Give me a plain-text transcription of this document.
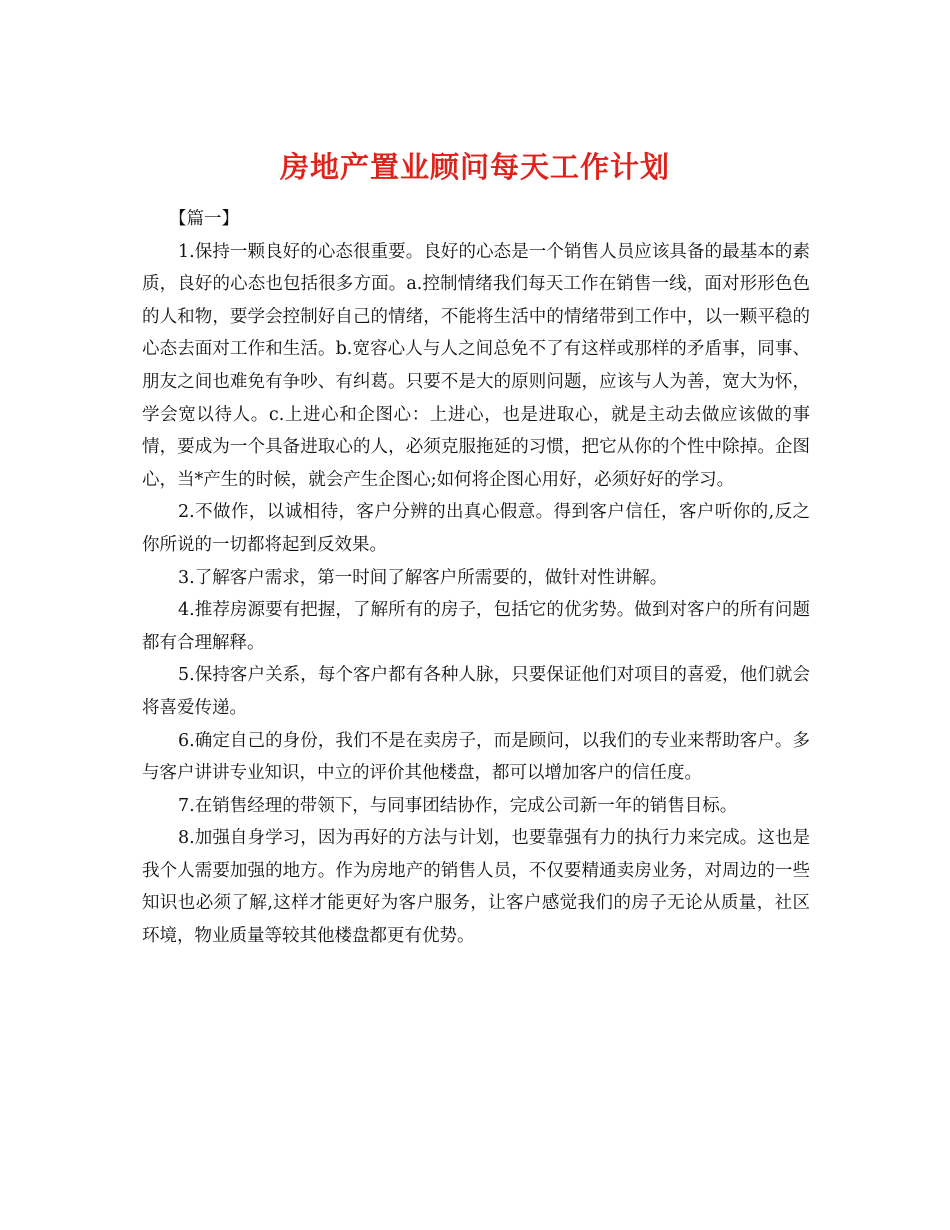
房地产置业顾问每天工作计划

【篇一】

1.保持一颗良好的心态很重要。良好的心态是一个销售人员应该具备的最基本的素质，良好的心态也包括很多方面。a.控制情绪我们每天工作在销售一线，面对形形色色的人和物，要学会控制好自己的情绪，不能将生活中的情绪带到工作中，以一颗平稳的心态去面对工作和生活。b.宽容心人与人之间总免不了有这样或那样的矛盾事，同事、朋友之间也难免有争吵、有纠葛。只要不是大的原则问题，应该与人为善，宽大为怀，学会宽以待人。c.上进心和企图心：上进心，也是进取心，就是主动去做应该做的事情，要成为一个具备进取心的人，必须克服拖延的习惯，把它从你的个性中除掉。企图心，当*产生的时候，就会产生企图心;如何将企图心用好，必须好好的学习。

2.不做作，以诚相待，客户分辨的出真心假意。得到客户信任，客户听你的,反之你所说的一切都将起到反效果。

3.了解客户需求，第一时间了解客户所需要的，做针对性讲解。

4.推荐房源要有把握，了解所有的房子，包括它的优劣势。做到对客户的所有问题都有合理解释。

5.保持客户关系，每个客户都有各种人脉，只要保证他们对项目的喜爱，他们就会将喜爱传递。

6.确定自己的身份，我们不是在卖房子，而是顾问，以我们的专业来帮助客户。多与客户讲讲专业知识，中立的评价其他楼盘，都可以增加客户的信任度。

7.在销售经理的带领下，与同事团结协作，完成公司新一年的销售目标。

8.加强自身学习，因为再好的方法与计划，也要靠强有力的执行力来完成。这也是我个人需要加强的地方。作为房地产的销售人员，不仅要精通卖房业务，对周边的一些知识也必须了解,这样才能更好为客户服务，让客户感觉我们的房子无论从质量，社区环境，物业质量等较其他楼盘都更有优势。
